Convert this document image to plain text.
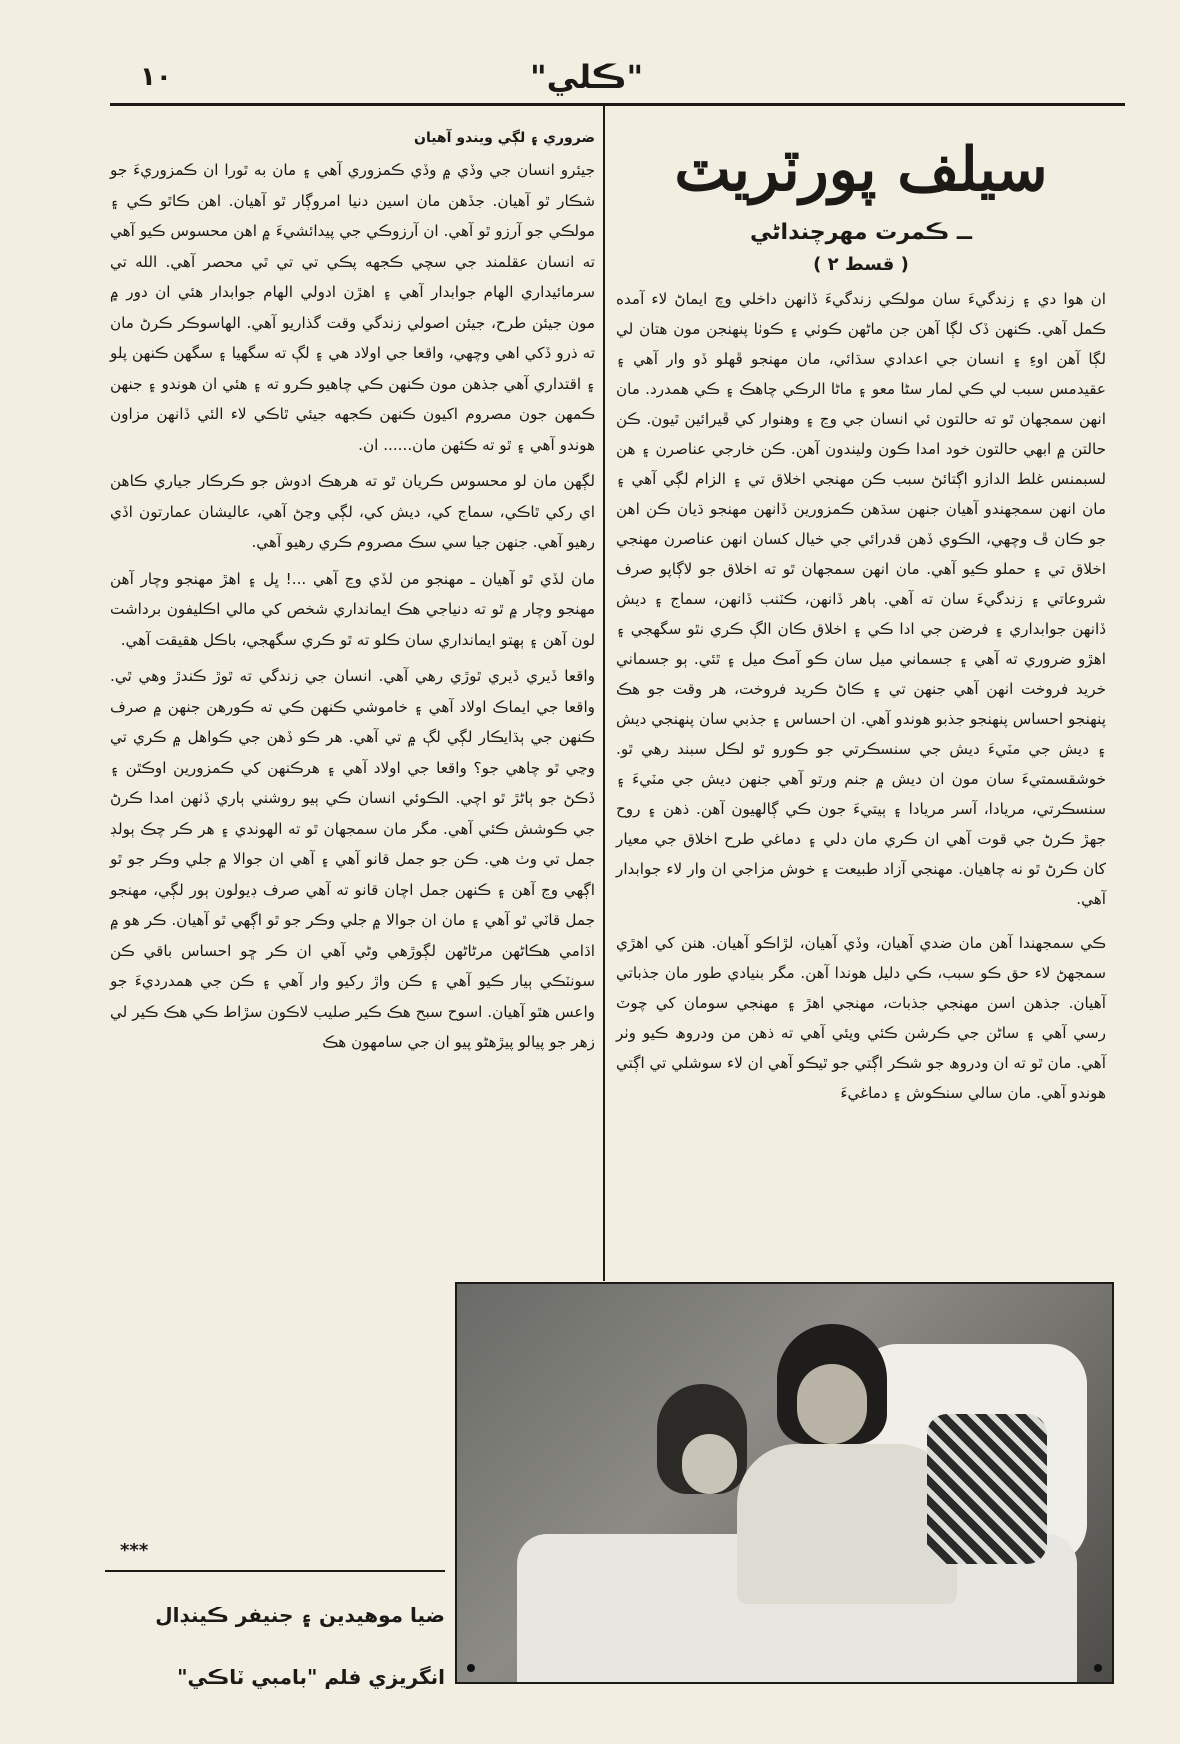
١٠	"ڪلي"
سيلف پورٽريٽ
ــ ڪمرت مهرچنداڻي
( قسط ٢ )

ان هوا دي ۽ زندگيءَ سان مولڪي زندگيءَ ڏانهن داخلي وچ ايماڻ لاء آمده ڪمل آهي. ڪنهن ڏک لڳا آهن جن ماڻهن ڪوٺي ۽ ڪوٺا پنهنجن مون هتان لي لڳا آهن اوءِ ۽ انسان جي اعدادي سڌائي، مان مهنجو ڦهلو ڏو وار آهي ۽ عقيدمس سبب لي ڪي لمار سڻا معو ۽ ماڻا الرڪي چاهڪ ۽ ڪي همدرد. مان انهن سمجهان ٿو ته حالتون ئي انسان جي وڃ ۽ وهنوار کي ڦيرائين ٿيون. ڪن حالتن ۾ ابهي حالتون خود امدا ڪون وليندون آهن. ڪن خارجي عناصرن ۽ هن لسبمنس غلط الدازو اڳتائڻ سبب ڪن مهنجي اخلاق تي ۽ الزام لڳي آهي ۽ مان انهن سمجهندو آهيان جنهن سڌهن ڪمزورين ڏانهن مهنجو ڌيان ڪن اهن جو ڪان ڦ وچهي، الڪوي ڏهن قدرائي جي خيال کسان انهن عناصرن مهنجي اخلاق تي ۽ حملو ڪيو آهي. مان انهن سمجهان ٿو ته اخلاق جو لاڳاپو صرف شروعاتي ۽ زندگيءَ سان ته آهي. ٻاهر ڏانهن، ڪٽنب ڏانهن، سماج ۽ ديش ڏانهن جوابداري ۽ فرضن جي ادا ڪي ۽ اخلاق ڪان الڳ ڪري نٿو سگهجي ۽ اهڙو ضروري ته آهي ۽ جسماني ميل سان ڪو آمڪ ميل ۽ ٿئي. ٻو جسماني خريد فروخت انهن آهي جنهن تي ۽ ڪاڻ ڪريد فروخت، هر وقت جو هڪ پنهنجو احساس پنهنجو جذبو هوندو آهي. ان احساس ۽ جذبي سان پنهنجي ديش ۽ ديش جي مٽيءَ ديش جي سنسڪرتي جو ڪورو ٿو لڪل سبند رهي ٿو. خوشقسمتيءَ سان مون ان ديش ۾ جنم ورتو آهي جنهن ديش جي مٽيءَ ۽ سنسڪرتي، مريادا، آسر مريادا ۽ ٻيتيءَ جون ڪي ڳالهيون آهن. ذهن ۽ روح جهڙ ڪرڻ جي قوت آهي ان ڪري مان دلي ۽ دماغي طرح اخلاق جي معيار کان ڪرڻ ٿو نه چاهيان. مهنجي آزاد طبيعت ۽ خوش مزاجي ان وار لاء جوابدار آهي.

ڪي سمجهندا آهن مان ضدي آهيان، وڏي آهيان، لڙاڪو آهيان. هنن کي اهڙي سمجهڻ لاء حق ڪو سبب، ڪي دليل هوندا آهن. مگر بنيادي طور مان جذباتي آهيان. جذهن اسن مهنجي جذبات، مهنجي اهڙ ۽ مهنجي سومان کي چوٽ رسي آهي ۽ ساڻن جي ڪرشن ڪئي ويئي آهي ته ذهن من ودروھ ڪيو وٺر آهي. مان ٿو ته ان ودروھ جو شڪر اڳتي جو ٿيڪو آهي ان لاء سوشلي تي اڳتي هوندو آهي. مان سالي سنڪوش ۽ دماغيءَ

ضروري ۽ لڳي ويندو آهيان

جيئرو انسان جي وڏي ۾ وڏي ڪمزوري آهي ۽ مان به ٿورا ان ڪمزوريءَ جو شڪار ٿو آهيان. جڏهن مان اسين دنيا امروڳار ٿو آهيان. اهن ڪاٿو ڪي ۽ مولڪي جو آرزو ٿو آهي. ان آرزوڪي جي پيدائشيءَ ۾ اهن محسوس ڪيو آهي ته انسان عقلمند جي سچي ڪجهه پڪي تي تي ٿي محصر آهي. الله تي سرمائيداري الهام جوابدار آهي ۽ اهڙن ادولي الهام جوابدار هئي ان دور ۾ مون جيئن طرح، جيئن اصولي زندگي وقت گذاريو آهي. الهاسوڪر ڪرڻ مان ته ذرو ڏکي اهي وچهي، واقعا جي اولاد هي ۽ لڳ ته سگهيا ۽ سگهن ڪنهن پلو ۽ اقتداري آهي جذهن مون ڪنهن ڪي چاهيو ڪرو ته ۽ هئي ان هوندو ۽ جنهن ڪمهن جون مصروم اکيون ڪنهن ڪجهه جيئي ٿاڪي لاء الئي ڏانهن مزاون هوندو آهي ۽ ٿو ته ڪئهن مان...... ان.

لڳهن مان لو محسوس ڪريان ٿو ته هرهڪ ادوش جو ڪرڪار جياري ڪاهن اي رکي ٿاڪي، سماج کي، ديش کي، لڳي وڃڻ آهي، عاليشان عمارتون اڏي رهيو آهي. جنهن جيا سي سڪ مصروم ڪري رهيو آهي.

مان لڏي ٿو آهيان ـ مهنجو من لڏي وڃ آهي ...! ڀل ۽ اهڙ مهنجو وچار آهن مهنجو وچار ۾ ٿو ته دنياجي هڪ ايمانداري شخص کي مالي اڪليفون برداشت لون آهن ۽ ٻهتو ايمانداري سان ڪلو ته ٿو ڪري سگهجي، باڪل هقيقت آهي.

واقعا ڏيري ڏيري ٿوڙي رهي آهي. انسان جي زندگي ته ٿوڙ ڪندڙ وهي ٿي. واقعا جي ايماڪ اولاد آهي ۽ خاموشي ڪنهن ڪي ته ڪورهن جنهن ۾ صرف ڪنهن جي ٻڌايڪار لڳي لڳ ۾ تي آهي. هر ڪو ڏهن جي ڪواهل ۾ ڪري تي وڃي ٿو چاهي جو؟ واقعا جي اولاد آهي ۽ هرڪنهن کي ڪمزورين اوڪٿن ۽ ڏڪڻ جو ٻاڻڙ ٿو اچي. الڪوئي انسان ڪي ٻيو روشني ٻاري ڏٺهن امدا ڪرڻ جي ڪوشش ڪئي آهي. مگر مان سمجهان ٿو ته الهوندي ۽ هر ڪر چڪ ٻولڊ جمل تي وٺ هي. ڪن جو جمل قانو آهي ۽ آهي ان جوالا ۾ جلي وڪر جو ٿو اڳهي وڃ آهن ۽ ڪنهن جمل اچان قانو ته آهي صرف ڊيولون ٻور لڳي، مهنجو جمل قاٽي ٿو آهي ۽ مان ان جوالا ۾ جلي وڪر جو ٿو اڳهي ٿو آهيان. ڪر هو ۾ اڌامي هڪاڻهن مرڻاڻهن لڳوڙهي وڻي آهي ان ڪر ڇو احساس باقي ڪن سونٽڪي ٻيار ڪيو آهي ۽ ڪن واڙ رکيو وار آهي ۽ ڪن جي همدرديءَ جو واعس هٿو آهيان. اسوح سبح هڪ ڪير صليب لاڪون سڙاط ڪي هڪ ڪير لي زهر جو پيالو پيڙهڻو پيو ان جي سامهون هڪ

***
ضيا موهيدين ۽ جنيفر ڪينڊال
انگريزي فلم "بامبي ٽاڪي"
